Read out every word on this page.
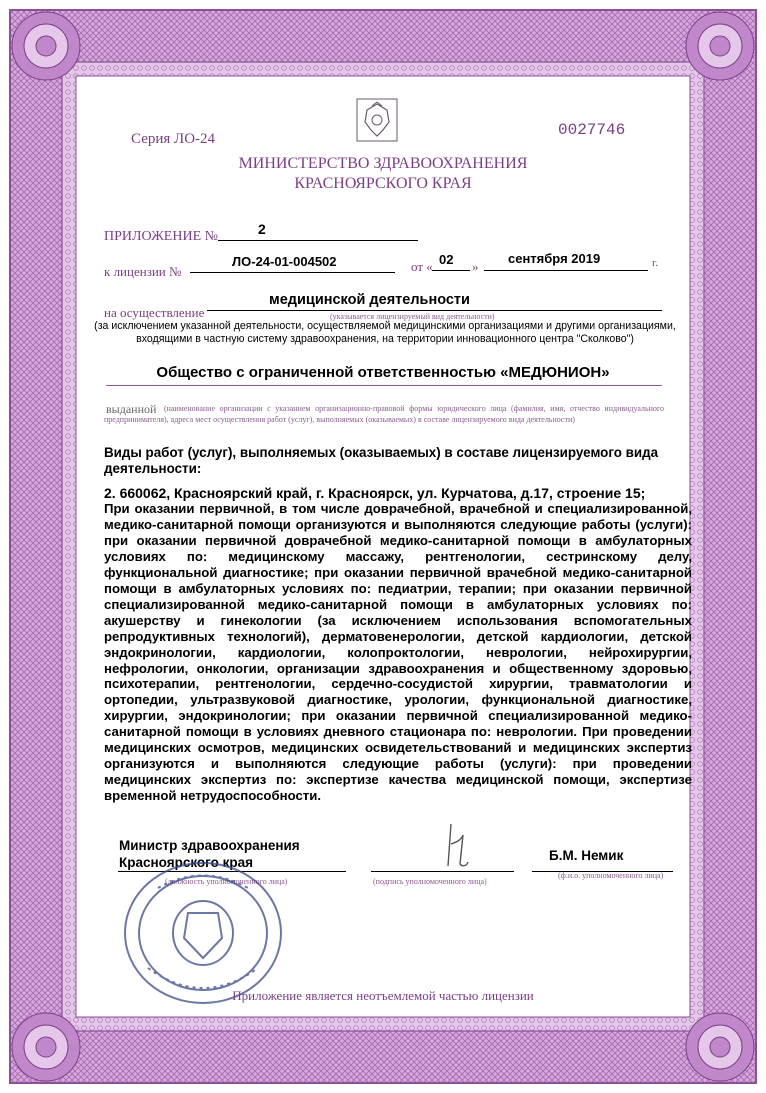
Серия ЛО-24	0027746
МИНИСТЕРСТВО ЗДРАВООХРАНЕНИЯ
КРАСНОЯРСКОГО КРАЯ
ПРИЛОЖЕНИЕ №	2
к лицензии №
ЛО-24-01-004502	от « 02 »
сентября 2019	г.
на осуществление
медицинской деятельности
(указывается лицензируемый вид деятельности)
(за исключением указанной деятельности, осуществляемой медицинскими организациями и другими организациями, входящими в частную систему здравоохранения, на территории инновационного центра "Сколково")
Общество с ограниченной ответственностью «МЕДЮНИОН»
выданной (наименование организации с указанием организационно-правовой формы юридического лица (фамилия, имя, отчество индивидуального предпринимателя), адреса мест осуществления работ (услуг), выполняемых (оказываемых) в составе лицензируемого вида деятельности)
Виды работ (услуг), выполняемых (оказываемых) в составе лицензируемого вида деятельности:
2. 660062, Красноярский край, г. Красноярск, ул. Курчатова, д.17, строение 15;
При оказании первичной, в том числе доврачебной, врачебной и специализированной, медико-санитарной помощи организуются и выполняются следующие работы (услуги): при оказании первичной доврачебной медико-санитарной помощи в амбулаторных условиях по: медицинскому массажу, рентгенологии, сестринскому делу, функциональной диагностике; при оказании первичной врачебной медико-санитарной помощи в амбулаторных условиях по: педиатрии, терапии; при оказании первичной специализированной медико-санитарной помощи в амбулаторных условиях по: акушерству и гинекологии (за исключением использования вспомогательных репродуктивных технологий), дерматовенерологии, детской кардиологии, детской эндокринологии, кардиологии, колопроктологии, неврологии, нейрохирургии, нефрологии, онкологии, организации здравоохранения и общественному здоровью, психотерапии, рентгенологии, сердечно-сосудистой хирургии, травматологии и ортопедии, ультразвуковой диагностике, урологии, функциональной диагностике, хирургии, эндокринологии; при оказании первичной специализированной медико-санитарной помощи в условиях дневного стационара по: неврологии. При проведении медицинских осмотров, медицинских освидетельствований и медицинских экспертиз организуются и выполняются следующие работы (услуги): при проведении медицинских экспертиз по: экспертизе качества медицинской помощи, экспертизе временной нетрудоспособности.
Министр здравоохранения
Красноярского края	Б.М. Немик
(должность уполномоченного лица)	(подпись уполномоченного лица)
(ф.и.о. уполномоченного лица)
Приложение является неотъемлемой частью лицензии
